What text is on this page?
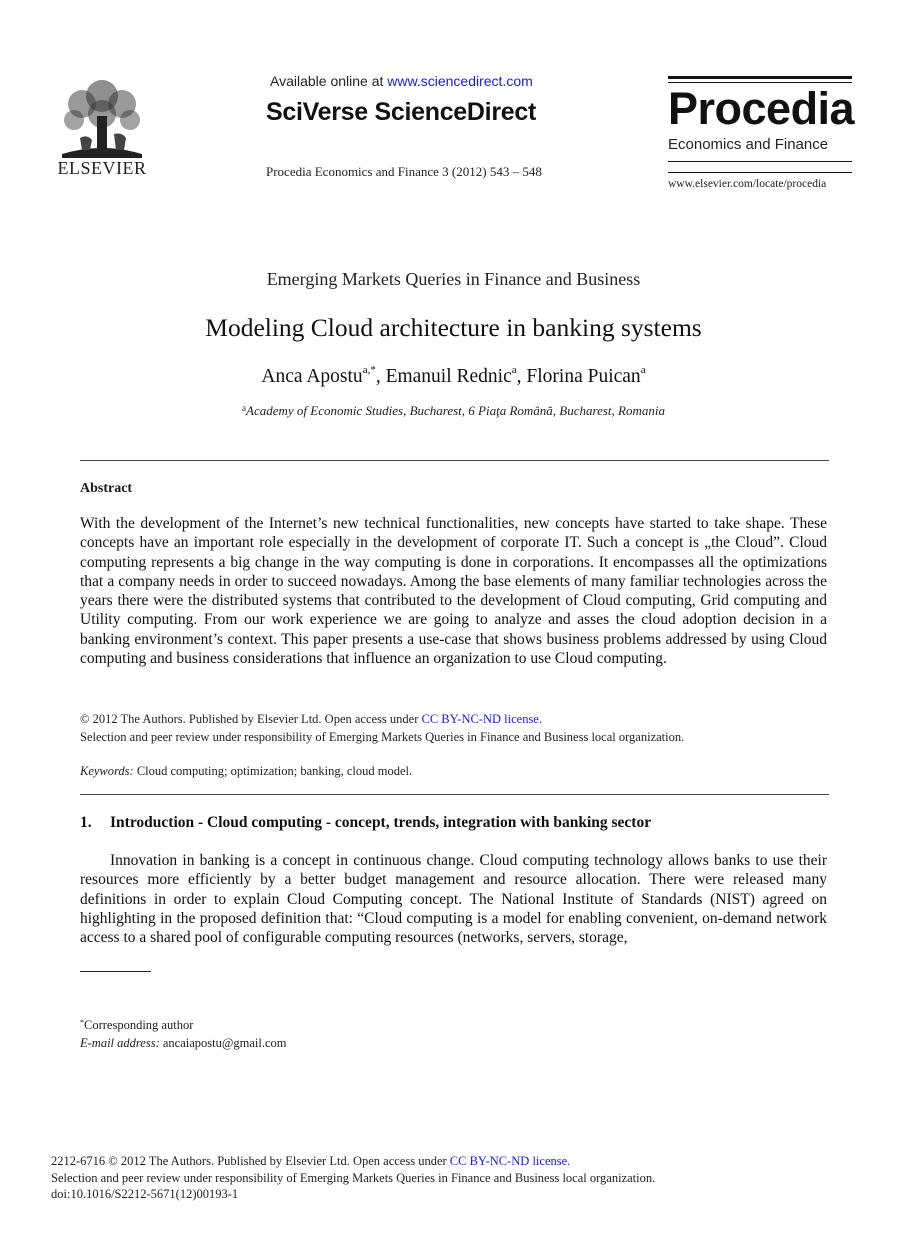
ELSEVIER
Available online at www.sciencedirect.com
SciVerse ScienceDirect
Procedia Economics and Finance 3 (2012) 543 – 548
Procedia
Economics and Finance
www.elsevier.com/locate/procedia
Emerging Markets Queries in Finance and Business
Modeling Cloud architecture in banking systems
Anca Apostu$^{a,*}$, Emanuil Rednic$^a$, Florina Puican$^a$
$^a$Academy of Economic Studies, Bucharest, 6 Piaţa Română, Bucharest, Romania
Abstract
With the development of the Internet’s new technical functionalities, new concepts have started to take shape. These concepts have an important role especially in the development of corporate IT. Such a concept is „the Cloud”. Cloud computing represents a big change in the way computing is done in corporations. It encompasses all the optimizations that a company needs in order to succeed nowadays. Among the base elements of many familiar technologies across the years there were the distributed systems that contributed to the development of Cloud computing, Grid computing and Utility computing. From our work experience we are going to analyze and asses the cloud adoption decision in a banking environment’s context. This paper presents a use-case that shows business problems addressed by using Cloud computing and business considerations that influence an organization to use Cloud computing.
© 2012 The Authors. Published by Elsevier Ltd. Open access under CC BY-NC-ND license.
Selection and peer review under responsibility of Emerging Markets Queries in Finance and Business local organization.
Keywords: Cloud computing; optimization; banking, cloud model.
1. Introduction - Cloud computing - concept, trends, integration with banking sector
Innovation in banking is a concept in continuous change. Cloud computing technology allows banks to use their resources more efficiently by a better budget management and resource allocation. There were released many definitions in order to explain Cloud Computing concept. The National Institute of Standards (NIST) agreed on highlighting in the proposed definition that: “Cloud computing is a model for enabling convenient, on-demand network access to a shared pool of configurable computing resources (networks, servers, storage,
*Corresponding author
E-mail address: ancaiapostu@gmail.com
2212-6716 © 2012 The Authors. Published by Elsevier Ltd. Open access under CC BY-NC-ND license.
Selection and peer review under responsibility of Emerging Markets Queries in Finance and Business local organization.
doi:10.1016/S2212-5671(12)00193-1
